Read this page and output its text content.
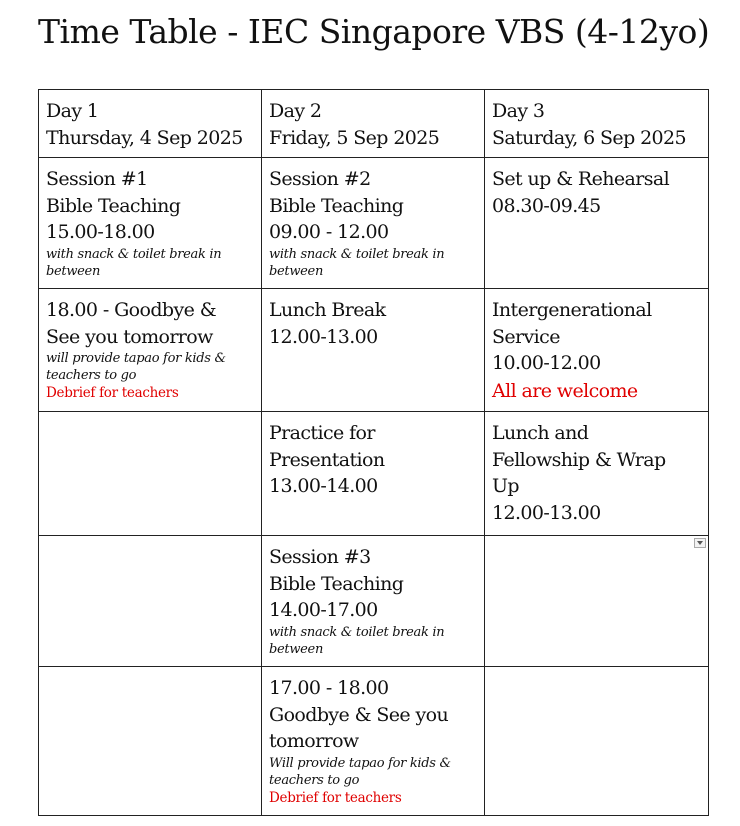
Time Table - IEC Singapore VBS (4-12yo)
Day 1
Thursday, 4 Sep 2025	Day 2
Friday, 5 Sep 2025	Day 3
Saturday, 6 Sep 2025

Session #1
Bible Teaching
15.00-18.00
with snack & toilet break in between	Session #2
Bible Teaching
09.00 - 12.00
with snack & toilet break in between	Set up & Rehearsal
08.30-09.45

18.00 - Goodbye &
See you tomorrow
will provide tapao for kids & teachers to go
Debrief for teachers	Lunch Break
12.00-13.00	Intergenerational
Service
10.00-12.00
All are welcome

	Practice for
Presentation
13.00-14.00	Lunch and
Fellowship & Wrap
Up
12.00-13.00

	Session #3
Bible Teaching
14.00-17.00
with snack & toilet break in between	

	17.00 - 18.00
Goodbye & See you
tomorrow
Will provide tapao for kids & teachers to go
Debrief for teachers	
